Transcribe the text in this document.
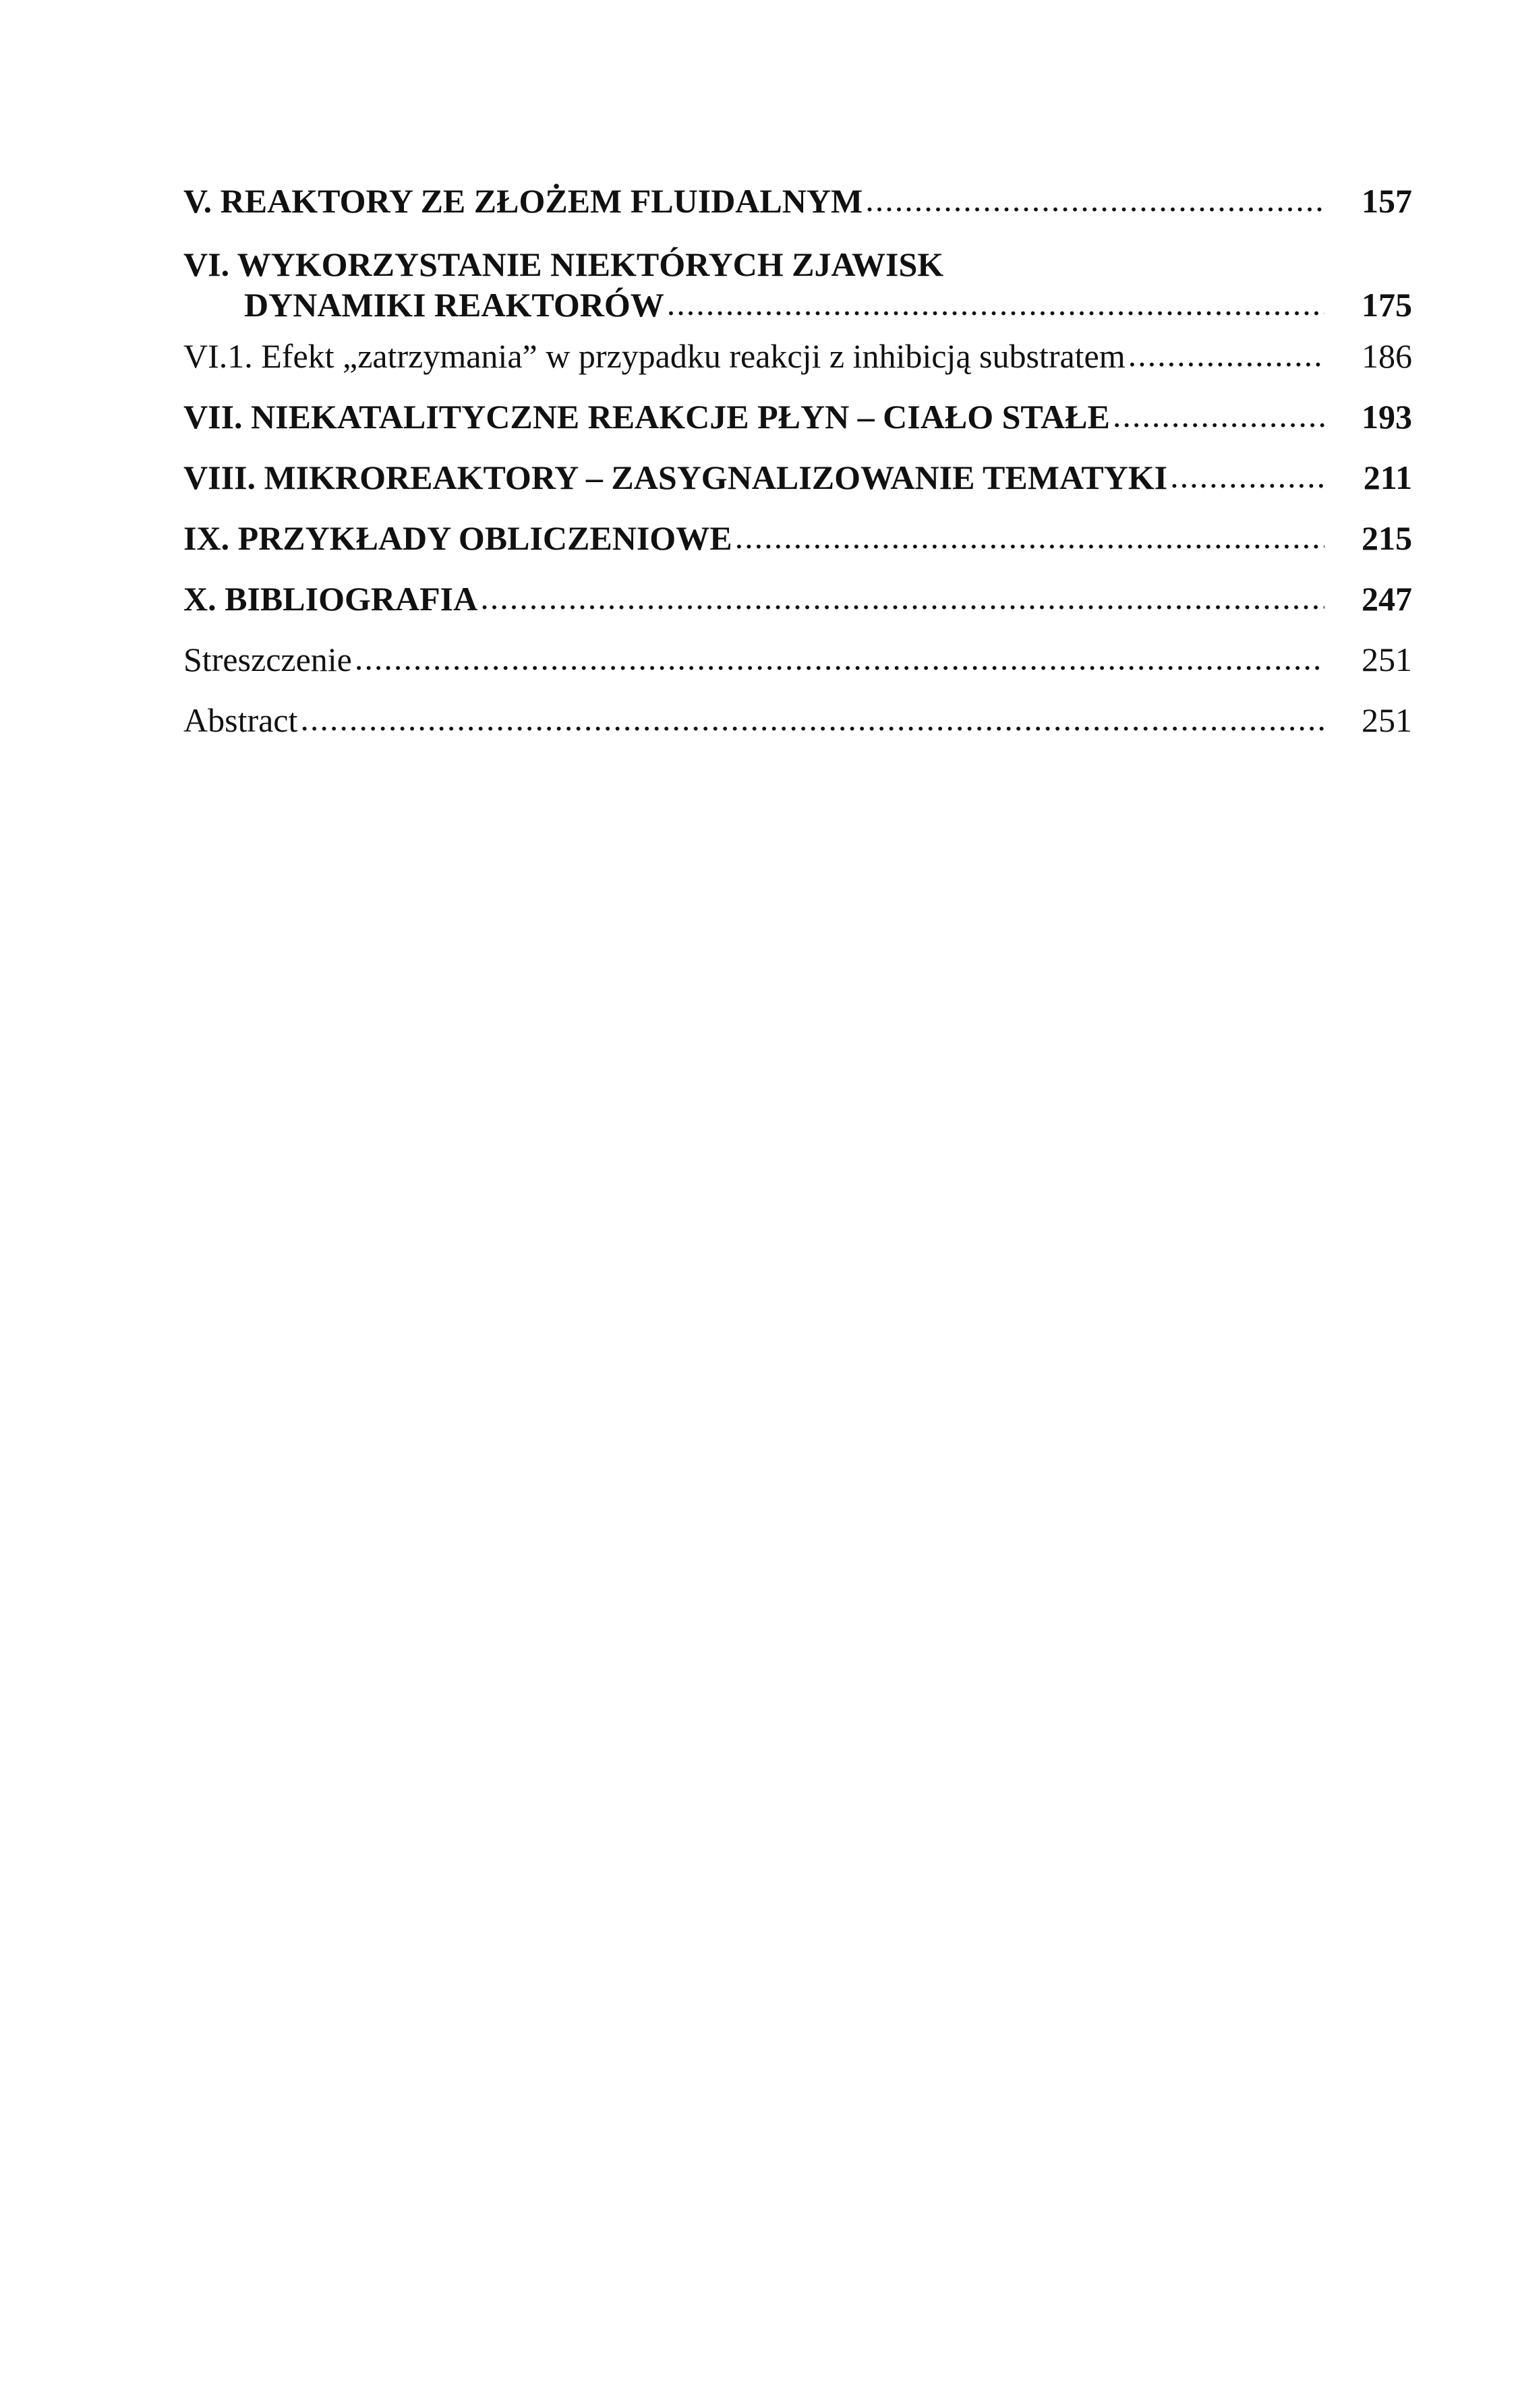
V. REAKTORY ZE ZŁOŻEM FLUIDALNYM .....	157
VI. WYKORZYSTANIE NIEKTÓRYCH ZJAWISK
DYNAMIKI REAKTORÓW .....	175
VI.1. Efekt „zatrzymania” w przypadku reakcji z inhibicją substratem .....	186
VII. NIEKATALITYCZNE REAKCJE PŁYN – CIAŁO STAŁE .....	193
VIII. MIKROREAKTORY – ZASYGNALIZOWANIE TEMATYKI .....	211
IX. PRZYKŁADY OBLICZENIOWE .....	215
X. BIBLIOGRAFIA .....	247
Streszczenie .....	251
Abstract .....	251
